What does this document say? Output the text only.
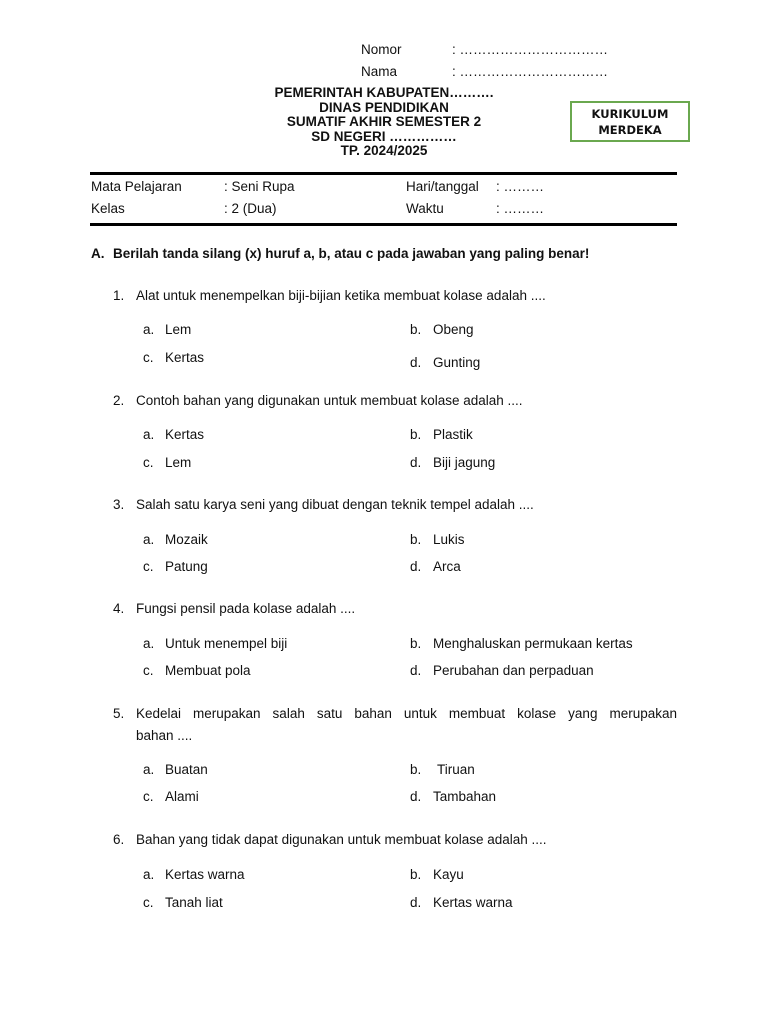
Nomor	: ……………………………
Nama	: ……………………………
PEMERINTAH KABUPATEN……….
DINAS PENDIDIKAN
SUMATIF AKHIR SEMESTER 2
SD NEGERI ……………
TP. 2024/2025
KURIKULUM
MERDEKA
Mata Pelajaran	: Seni Rupa	Hari/tanggal : ………
Kelas	: 2 (Dua)	Waktu	: ………
A. Berilah tanda silang (x) huruf a, b, atau c pada jawaban yang paling benar!
1. Alat untuk menempelkan biji-bijian ketika membuat kolase adalah ....
a. Lem	b. Obeng
c. Kertas	d. Gunting
2. Contoh bahan yang digunakan untuk membuat kolase adalah ....
a. Kertas	b. Plastik
c. Lem	d. Biji jagung
3. Salah satu karya seni yang dibuat dengan teknik tempel adalah ....
a. Mozaik	b. Lukis
c. Patung	d. Arca
4. Fungsi pensil pada kolase adalah ....
a. Untuk menempel biji	b. Menghaluskan permukaan kertas
c. Membuat pola	d. Perubahan dan perpaduan
5. Kedelai merupakan salah satu bahan untuk membuat kolase yang merupakan
bahan ....
a. Buatan	b. Tiruan
c. Alami	d. Tambahan
6. Bahan yang tidak dapat digunakan untuk membuat kolase adalah ....
a. Kertas warna	b. Kayu
c. Tanah liat	d. Kertas warna
